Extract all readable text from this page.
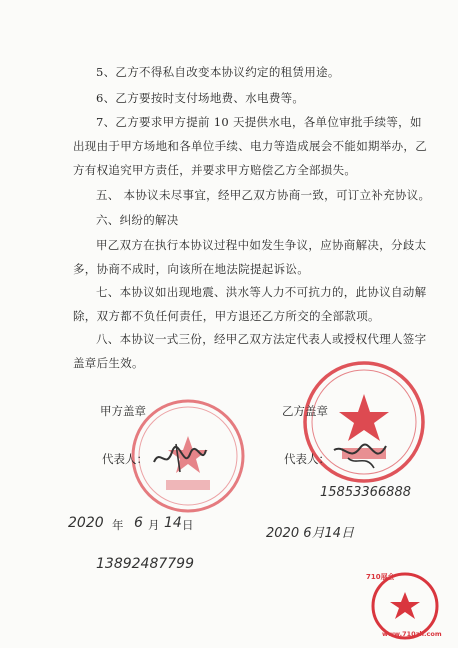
5、乙方不得私自改变本协议约定的租赁用途。

6、乙方要按时支付场地费、水电费等。

7、乙方要求甲方提前 10 天提供水电，各单位审批手续等，如出现由于甲方场地和各单位手续、电力等造成展会不能如期举办，乙方有权追究甲方责任，并要求甲方赔偿乙方全部损失。

五、 本协议未尽事宜，经甲乙双方协商一致，可订立补充协议。

六、纠纷的解决

甲乙双方在执行本协议过程中如发生争议，应协商解决，分歧太多，协商不成时，向该所在地法院提起诉讼。

七、本协议如出现地震、洪水等人力不可抗力的，此协议自动解除，双方都不负任何责任，甲方退还乙方所交的全部款项。

八、本协议一式三份，经甲乙双方法定代表人或授权代理人签字盖章后生效。

甲方盖章	乙方盖章
代表人：	代表人：
15853366888
2020 年 6 月 14 日
2020 6月14日
13892487799
710展会
www.710zh.com
